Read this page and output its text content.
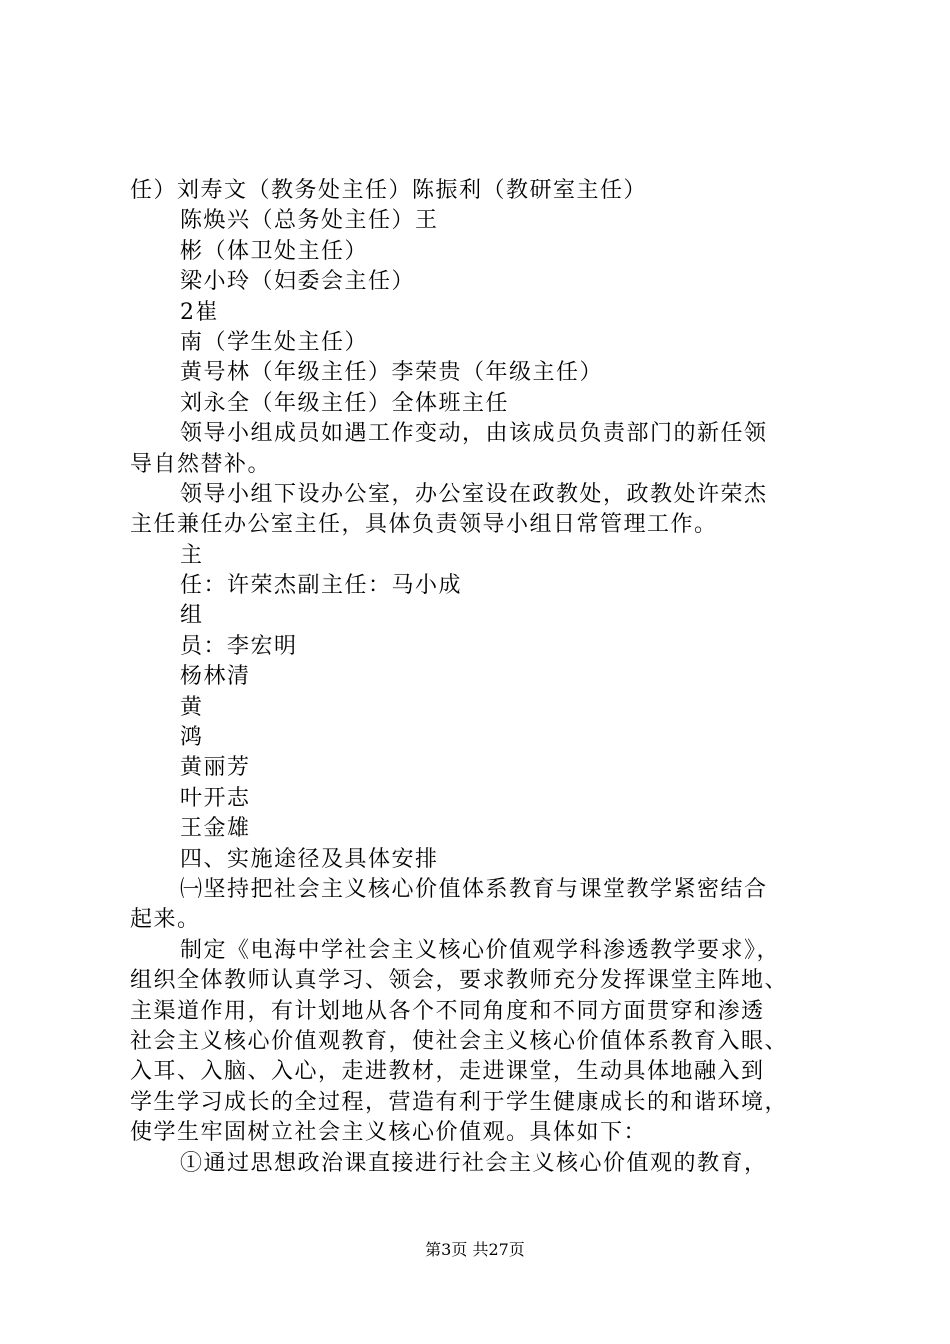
任）刘寿文（教务处主任）陈振利（教研室主任）
陈焕兴（总务处主任）王
彬（体卫处主任）
梁小玲（妇委会主任）
2崔
南（学生处主任）
黄号林（年级主任）李荣贵（年级主任）
刘永全（年级主任）全体班主任
领导小组成员如遇工作变动，由该成员负责部门的新任领
导自然替补。
领导小组下设办公室，办公室设在政教处，政教处许荣杰
主任兼任办公室主任，具体负责领导小组日常管理工作。
主
任：许荣杰副主任：马小成
组
员：李宏明
杨林清
黄
鸿
黄丽芳
叶开志
王金雄
四、实施途径及具体安排
㈠坚持把社会主义核心价值体系教育与课堂教学紧密结合
起来。
制定《电海中学社会主义核心价值观学科渗透教学要求》，
组织全体教师认真学习、领会，要求教师充分发挥课堂主阵地、
主渠道作用，有计划地从各个不同角度和不同方面贯穿和渗透
社会主义核心价值观教育，使社会主义核心价值体系教育入眼、
入耳、入脑、入心，走进教材，走进课堂，生动具体地融入到
学生学习成长的全过程，营造有利于学生健康成长的和谐环境，
使学生牢固树立社会主义核心价值观。具体如下：
①通过思想政治课直接进行社会主义核心价值观的教育，
第3页 共27页
